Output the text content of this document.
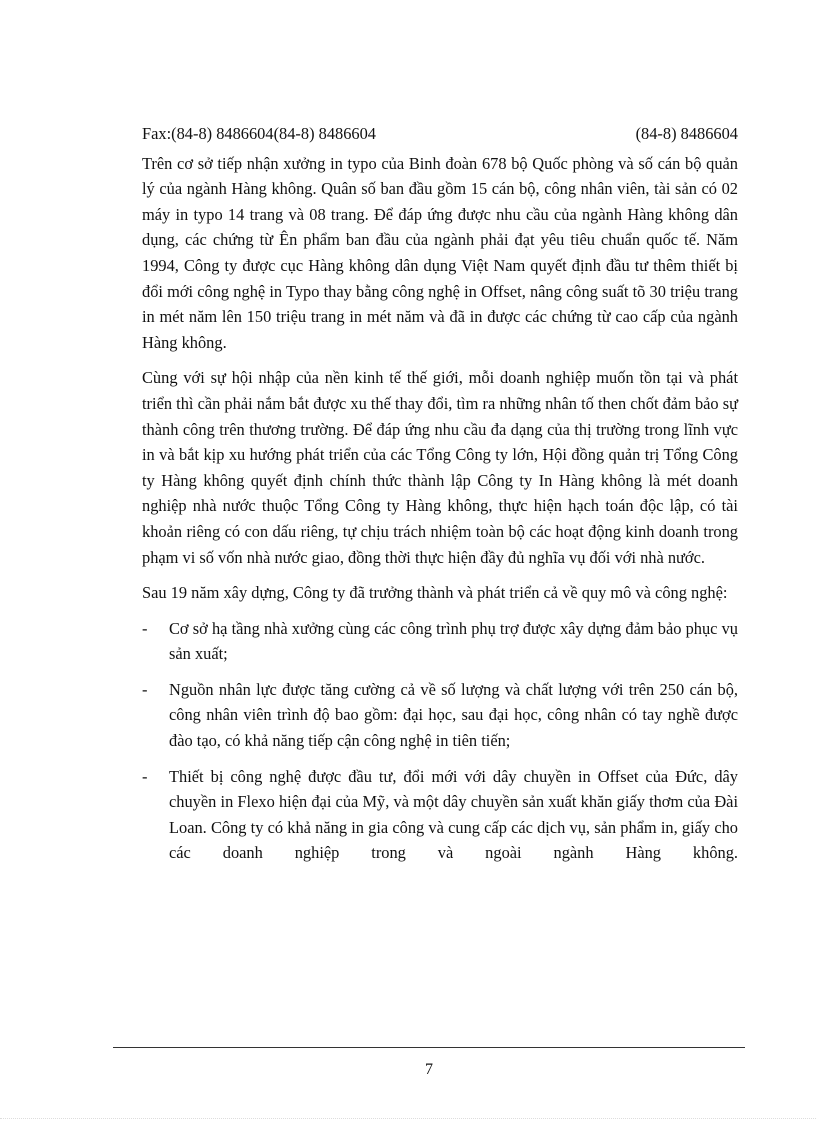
Fax:(84-8) 8486604(84-8) 8486604	(84-8) 8486604

Trên cơ sở tiếp nhận xưởng in typo của Binh đoàn 678 bộ Quốc phòng và số cán bộ quản lý của ngành Hàng không. Quân số ban đầu gồm 15 cán bộ, công nhân viên, tài sản có 02 máy in typo 14 trang và 08 trang. Để đáp ứng được nhu cầu của ngành Hàng không dân dụng, các chứng từ Ên phẩm ban đầu của ngành phải đạt yêu tiêu chuẩn quốc tế. Năm 1994, Công ty được cục Hàng không dân dụng Việt Nam quyết định đầu tư thêm thiết bị đổi mới công nghệ in Typo thay bằng công nghệ in Offset, nâng công suất tõ 30 triệu trang in mét năm lên 150 triệu trang in mét năm và đã in được các chứng từ cao cấp của ngành Hàng không.

Cùng với sự hội nhập của nền kinh tế thế giới, mỗi doanh nghiệp muốn tồn tại và phát triển thì cần phải nắm bắt được xu thế thay đổi, tìm ra những nhân tố then chốt đảm bảo sự thành công trên thương trường. Để đáp ứng nhu cầu đa dạng của thị trường trong lĩnh vực in và bắt kịp xu hướng phát triển của các Tổng Công ty lớn, Hội đồng quản trị Tổng Công ty Hàng không quyết định chính thức thành lập Công ty In Hàng không là mét doanh nghiệp nhà nước thuộc Tổng Công ty Hàng không, thực hiện hạch toán độc lập, có tài khoản riêng có con dấu riêng, tự chịu trách nhiệm toàn bộ các hoạt động kinh doanh trong phạm vi số vốn nhà nước giao, đồng thời thực hiện đầy đủ nghĩa vụ đối với nhà nước.

Sau 19 năm xây dựng, Công ty đã trưởng thành và phát triển cả về quy mô và công nghệ:

- Cơ sở hạ tầng nhà xưởng cùng các công trình phụ trợ được xây dựng đảm bảo phục vụ sản xuất;
- Nguồn nhân lực được tăng cường cả về số lượng và chất lượng với trên 250 cán bộ, công nhân viên trình độ bao gồm: đại học, sau đại học, công nhân có tay nghề được đào tạo, có khả năng tiếp cận công nghệ in tiên tiến;
- Thiết bị công nghệ được đầu tư, đổi mới với dây chuyền in Offset của Đức, dây chuyền in Flexo hiện đại của Mỹ, và một dây chuyền sản xuất khăn giấy thơm của Đài Loan. Công ty có khả năng in gia công và cung cấp các dịch vụ, sản phẩm in, giấy cho các doanh nghiệp trong và ngoài ngành Hàng không.
7
